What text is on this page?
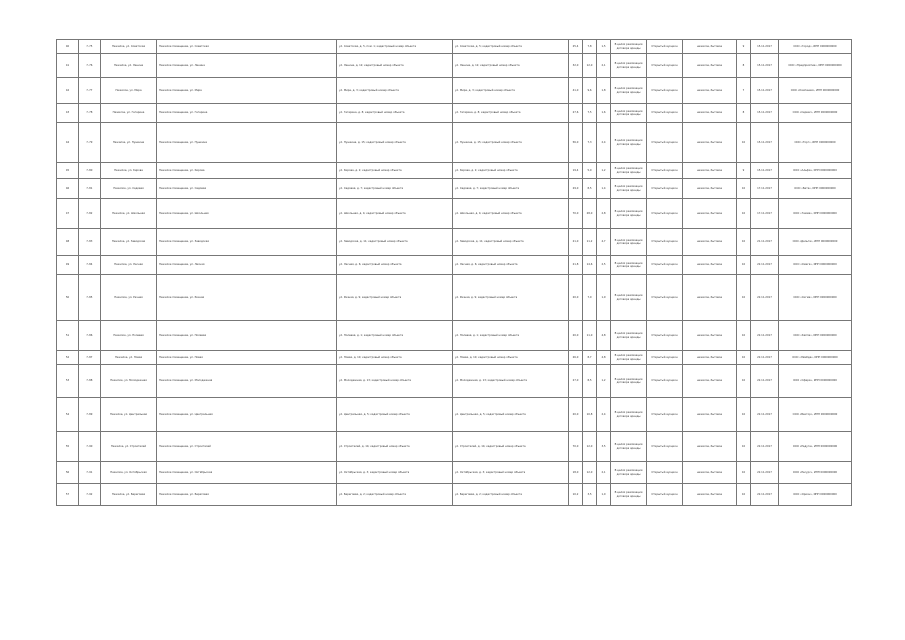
40	Г-75	Нежилое, ул. Советская	Нежилое помещение, ул. Советская	ул. Советская, д. 5, пом. 1; кадастровый номер объекта	ул. Советская, д. 5; кадастровый номер объекта	25,4	7,8	1,5	В целях реализации договора аренды	Открытый аукцион	нежилое, бытовое	9	15.11.2017	ООО «Город», ИНН 0000000000
41	Г-76	Нежилое, ул. Ленина	Нежилое помещение, ул. Ленина	ул. Ленина, д. 12; кадастровый номер объекта	ул. Ленина, д. 12; кадастровый номер объекта	32,0	12,0	2,1	В целях реализации договора аренды	Открытый аукцион	нежилое, бытовое	8	15.11.2017	ООО «Предприятие», ИНН 0000000000
42	Г-77	Нежилое, ул. Мира	Нежилое помещение, ул. Мира	ул. Мира, д. 3; кадастровый номер объекта	ул. Мира, д. 3; кадастровый номер объекта	41,0	9,6	1,8	В целях реализации договора аренды	Открытый аукцион	нежилое, бытовое	7	15.11.2017	ООО «Компания», ИНН 0000000000
43	Г-78	Нежилое, ул. Гагарина	Нежилое помещение, ул. Гагарина	ул. Гагарина, д. 8; кадастровый номер объекта	ул. Гагарина, д. 8; кадастровый номер объекта	27,6	7,5	1,6	В целях реализации договора аренды	Открытый аукцион	нежилое, бытовое	8	15.11.2017	ООО «Сервис», ИНН 0000000000
44	Г-79	Нежилое, ул. Пушкина	Нежилое помещение, ул. Пушкина	ул. Пушкина, д. 15; кадастровый номер объекта	ул. Пушкина, д. 15; кадастровый номер объекта	56,0	7,3	2,4	В целях реализации договора аренды	Открытый аукцион	нежилое, бытовое	10	15.11.2017	ООО «Торг», ИНН 0000000000
45	Г-80	Нежилое, ул. Кирова	Нежилое помещение, ул. Кирова	ул. Кирова, д. 2; кадастровый номер объекта	ул. Кирова, д. 2; кадастровый номер объекта	19,4	5,0	1,2	В целях реализации договора аренды	Открытый аукцион	нежилое, бытовое	9	15.11.2017	ООО «Альфа», ИНН 0000000000
46	Г-81	Нежилое, ул. Садовая	Нежилое помещение, ул. Садовая	ул. Садовая, д. 7; кадастровый номер объекта	ул. Садовая, д. 7; кадастровый номер объекта	29,0	8,5	1,4	В целях реализации договора аренды	Открытый аукцион	нежилое, бытовое	10	17.11.2017	ООО «Бета», ИНН 0000000000
47	Г-82	Нежилое, ул. Школьная	Нежилое помещение, ул. Школьная	ул. Школьная, д. 4; кадастровый номер объекта	ул. Школьная, д. 4; кадастровый номер объекта	70,0	28,0	2,8	В целях реализации договора аренды	Открытый аукцион	нежилое, бытовое	10	17.11.2017	ООО «Гамма», ИНН 0000000000
48	Г-83	Нежилое, ул. Заводская	Нежилое помещение, ул. Заводская	ул. Заводская, д. 11; кадастровый номер объекта	ул. Заводская, д. 11; кадастровый номер объекта	21,0	11,2	4,7	В целях реализации договора аренды	Открытый аукцион	нежилое, бытовое	10	21.11.2017	ООО «Дельта», ИНН 0000000000
49	Г-84	Нежилое, ул. Лесная	Нежилое помещение, ул. Лесная	ул. Лесная, д. 6; кадастровый номер объекта	ул. Лесная, д. 6; кадастровый номер объекта	21,8	14,6	2,5	В целях реализации договора аренды	Открытый аукцион	нежилое, бытовое	10	22.11.2017	ООО «Омега», ИНН 0000000000
50	Г-85	Нежилое, ул. Речная	Нежилое помещение, ул. Речная	ул. Речная, д. 9; кадастровый номер объекта	ул. Речная, д. 9; кадастровый номер объекта	20,0	7,0	1,9	В целях реализации договора аренды	Открытый аукцион	нежилое, бытовое	10	22.11.2017	ООО «Сигма», ИНН 0000000000
51	Г-86	Нежилое, ул. Полевая	Нежилое помещение, ул. Полевая	ул. Полевая, д. 1; кадастровый номер объекта	ул. Полевая, д. 1; кадастровый номер объекта	20,0	11,0	4,8	В целях реализации договора аренды	Открытый аукцион	нежилое, бытовое	10	22.11.2017	ООО «Каппа», ИНН 0000000000
52	Г-87	Нежилое, ул. Новая	Нежилое помещение, ул. Новая	ул. Новая, д. 10; кадастровый номер объекта	ул. Новая, д. 10; кадастровый номер объекта	26,0	8,7	4,8	В целях реализации договора аренды	Открытый аукцион	нежилое, бытовое	10	22.11.2017	ООО «Лямбда», ИНН 0000000000
53	Г-88	Нежилое, ул. Молодежная	Нежилое помещение, ул. Молодежная	ул. Молодежная, д. 13; кадастровый номер объекта	ул. Молодежная, д. 13; кадастровый номер объекта	27,0	8,5	1,2	В целях реализации договора аренды	Открытый аукцион	нежилое, бытовое	10	22.11.2017	ООО «Сфера», ИНН 0000000000
54	Г-89	Нежилое, ул. Центральная	Нежилое помещение, ул. Центральная	ул. Центральная, д. 5; кадастровый номер объекта	ул. Центральная, д. 5; кадастровый номер объекта	20,0	10,8	2,4	В целях реализации договора аренды	Открытый аукцион	нежилое, бытовое	10	22.11.2017	ООО «Вектор», ИНН 0000000000
55	Г-90	Нежилое, ул. Строителей	Нежилое помещение, ул. Строителей	ул. Строителей, д. 14; кадастровый номер объекта	ул. Строителей, д. 14; кадастровый номер объекта	70,0	12,0	3,5	В целях реализации договора аренды	Открытый аукцион	нежилое, бытовое	10	22.11.2017	ООО «Радуга», ИНН 0000000000
56	Г-91	Нежилое, ул. Октябрьская	Нежилое помещение, ул. Октябрьская	ул. Октябрьская, д. 3; кадастровый номер объекта	ул. Октябрьская, д. 3; кадастровый номер объекта	18,0	12,0	2,1	В целях реализации договора аренды	Открытый аукцион	нежилое, бытовое	10	22.11.2017	ООО «Ресурс», ИНН 0000000000
57	Г-92	Нежилое, ул. Береговая	Нежилое помещение, ул. Береговая	ул. Береговая, д. 2; кадастровый номер объекта	ул. Береговая, д. 2; кадастровый номер объекта	10,2	3,5	1,0	В целях реализации договора аренды	Открытый аукцион	нежилое, бытовое	10	22.11.2017	ООО «Орион», ИНН 0000000000
